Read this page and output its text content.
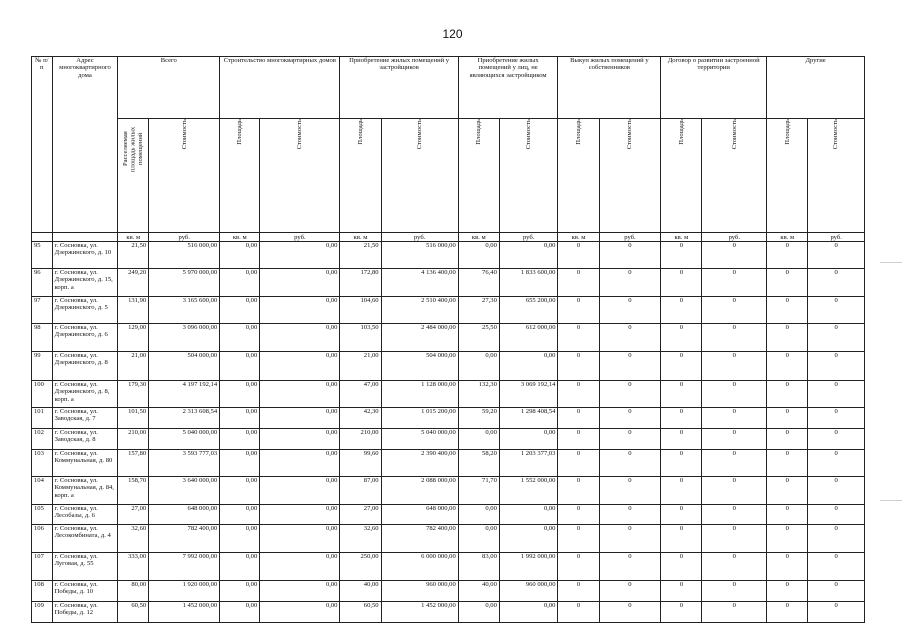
120
№ п/п	Адрес многоквартирного дома	Всего		Строительство многоквартирных домов		Приобретение жилых помещений у застройщиков		Приобретение жилых помещений у лиц, не являющихся застройщиком		Выкуп жилых помещений у собственников		Договор о развитии застроенной территории		Другие	
		Расселяемая площадь жилых помещений	Стоимость	Площадь	Стоимость	Площадь	Стоимость	Площадь	Стоимость	Площадь	Стоимость	Площадь	Стоимость	Площадь	Стоимость
		кв. м	руб.	кв. м	руб.	кв. м	руб.	кв. м	руб.	кв. м	руб.	кв. м	руб.	кв. м	руб.
95	г. Сосновка, ул. Дзержинского, д. 10	21,50	516 000,00	0,00	0,00	21,50	516 000,00	0,00	0,00	0	0	0	0	0	0
96	г. Сосновка, ул. Дзержинского, д. 15, корп. а	249,20	5 970 000,00	0,00	0,00	172,80	4 136 400,00	76,40	1 833 600,00	0	0	0	0	0	0
97	г. Сосновка, ул. Дзержинского, д. 5	131,90	3 165 600,00	0,00	0,00	104,60	2 510 400,00	27,30	655 200,00	0	0	0	0	0	0
98	г. Сосновка, ул. Дзержинского, д. 6	129,00	3 096 000,00	0,00	0,00	103,50	2 484 000,00	25,50	612 000,00	0	0	0	0	0	0
99	г. Сосновка, ул. Дзержинского, д. 8	21,00	504 000,00	0,00	0,00	21,00	504 000,00	0,00	0,00	0	0	0	0	0	0
100	г. Сосновка, ул. Дзержинского, д. 8, корп. а	179,30	4 197 192,14	0,00	0,00	47,00	1 128 000,00	132,30	3 069 192,14	0	0	0	0	0	0
101	г. Сосновка, ул. Заводская, д. 7	101,50	2 313 608,54	0,00	0,00	42,30	1 015 200,00	59,20	1 298 408,54	0	0	0	0	0	0
102	г. Сосновка, ул. Заводская, д. 8	210,00	5 040 000,00	0,00	0,00	210,00	5 040 000,00	0,00	0,00	0	0	0	0	0	0
103	г. Сосновка, ул. Коммунальная, д. 80	157,80	3 593 777,03	0,00	0,00	99,60	2 390 400,00	58,20	1 203 377,03	0	0	0	0	0	0
104	г. Сосновка, ул. Коммунальная, д. 84, корп. а	158,70	3 640 000,00	0,00	0,00	87,00	2 088 000,00	71,70	1 552 000,00	0	0	0	0	0	0
105	г. Сосновка, ул. Лесобазы, д. 6	27,00	648 000,00	0,00	0,00	27,00	648 000,00	0,00	0,00	0	0	0	0	0	0
106	г. Сосновка, ул. Лесокомбината, д. 4	32,60	782 400,00	0,00	0,00	32,60	782 400,00	0,00	0,00	0	0	0	0	0	0
107	г. Сосновка, ул. Луговая, д. 55	333,00	7 992 000,00	0,00	0,00	250,00	6 000 000,00	83,00	1 992 000,00	0	0	0	0	0	0
108	г. Сосновка, ул. Победы, д. 10	80,00	1 920 000,00	0,00	0,00	40,00	960 000,00	40,00	960 000,00	0	0	0	0	0	0
109	г. Сосновка, ул. Победы, д. 12	60,50	1 452 000,00	0,00	0,00	60,50	1 452 000,00	0,00	0,00	0	0	0	0	0	0
